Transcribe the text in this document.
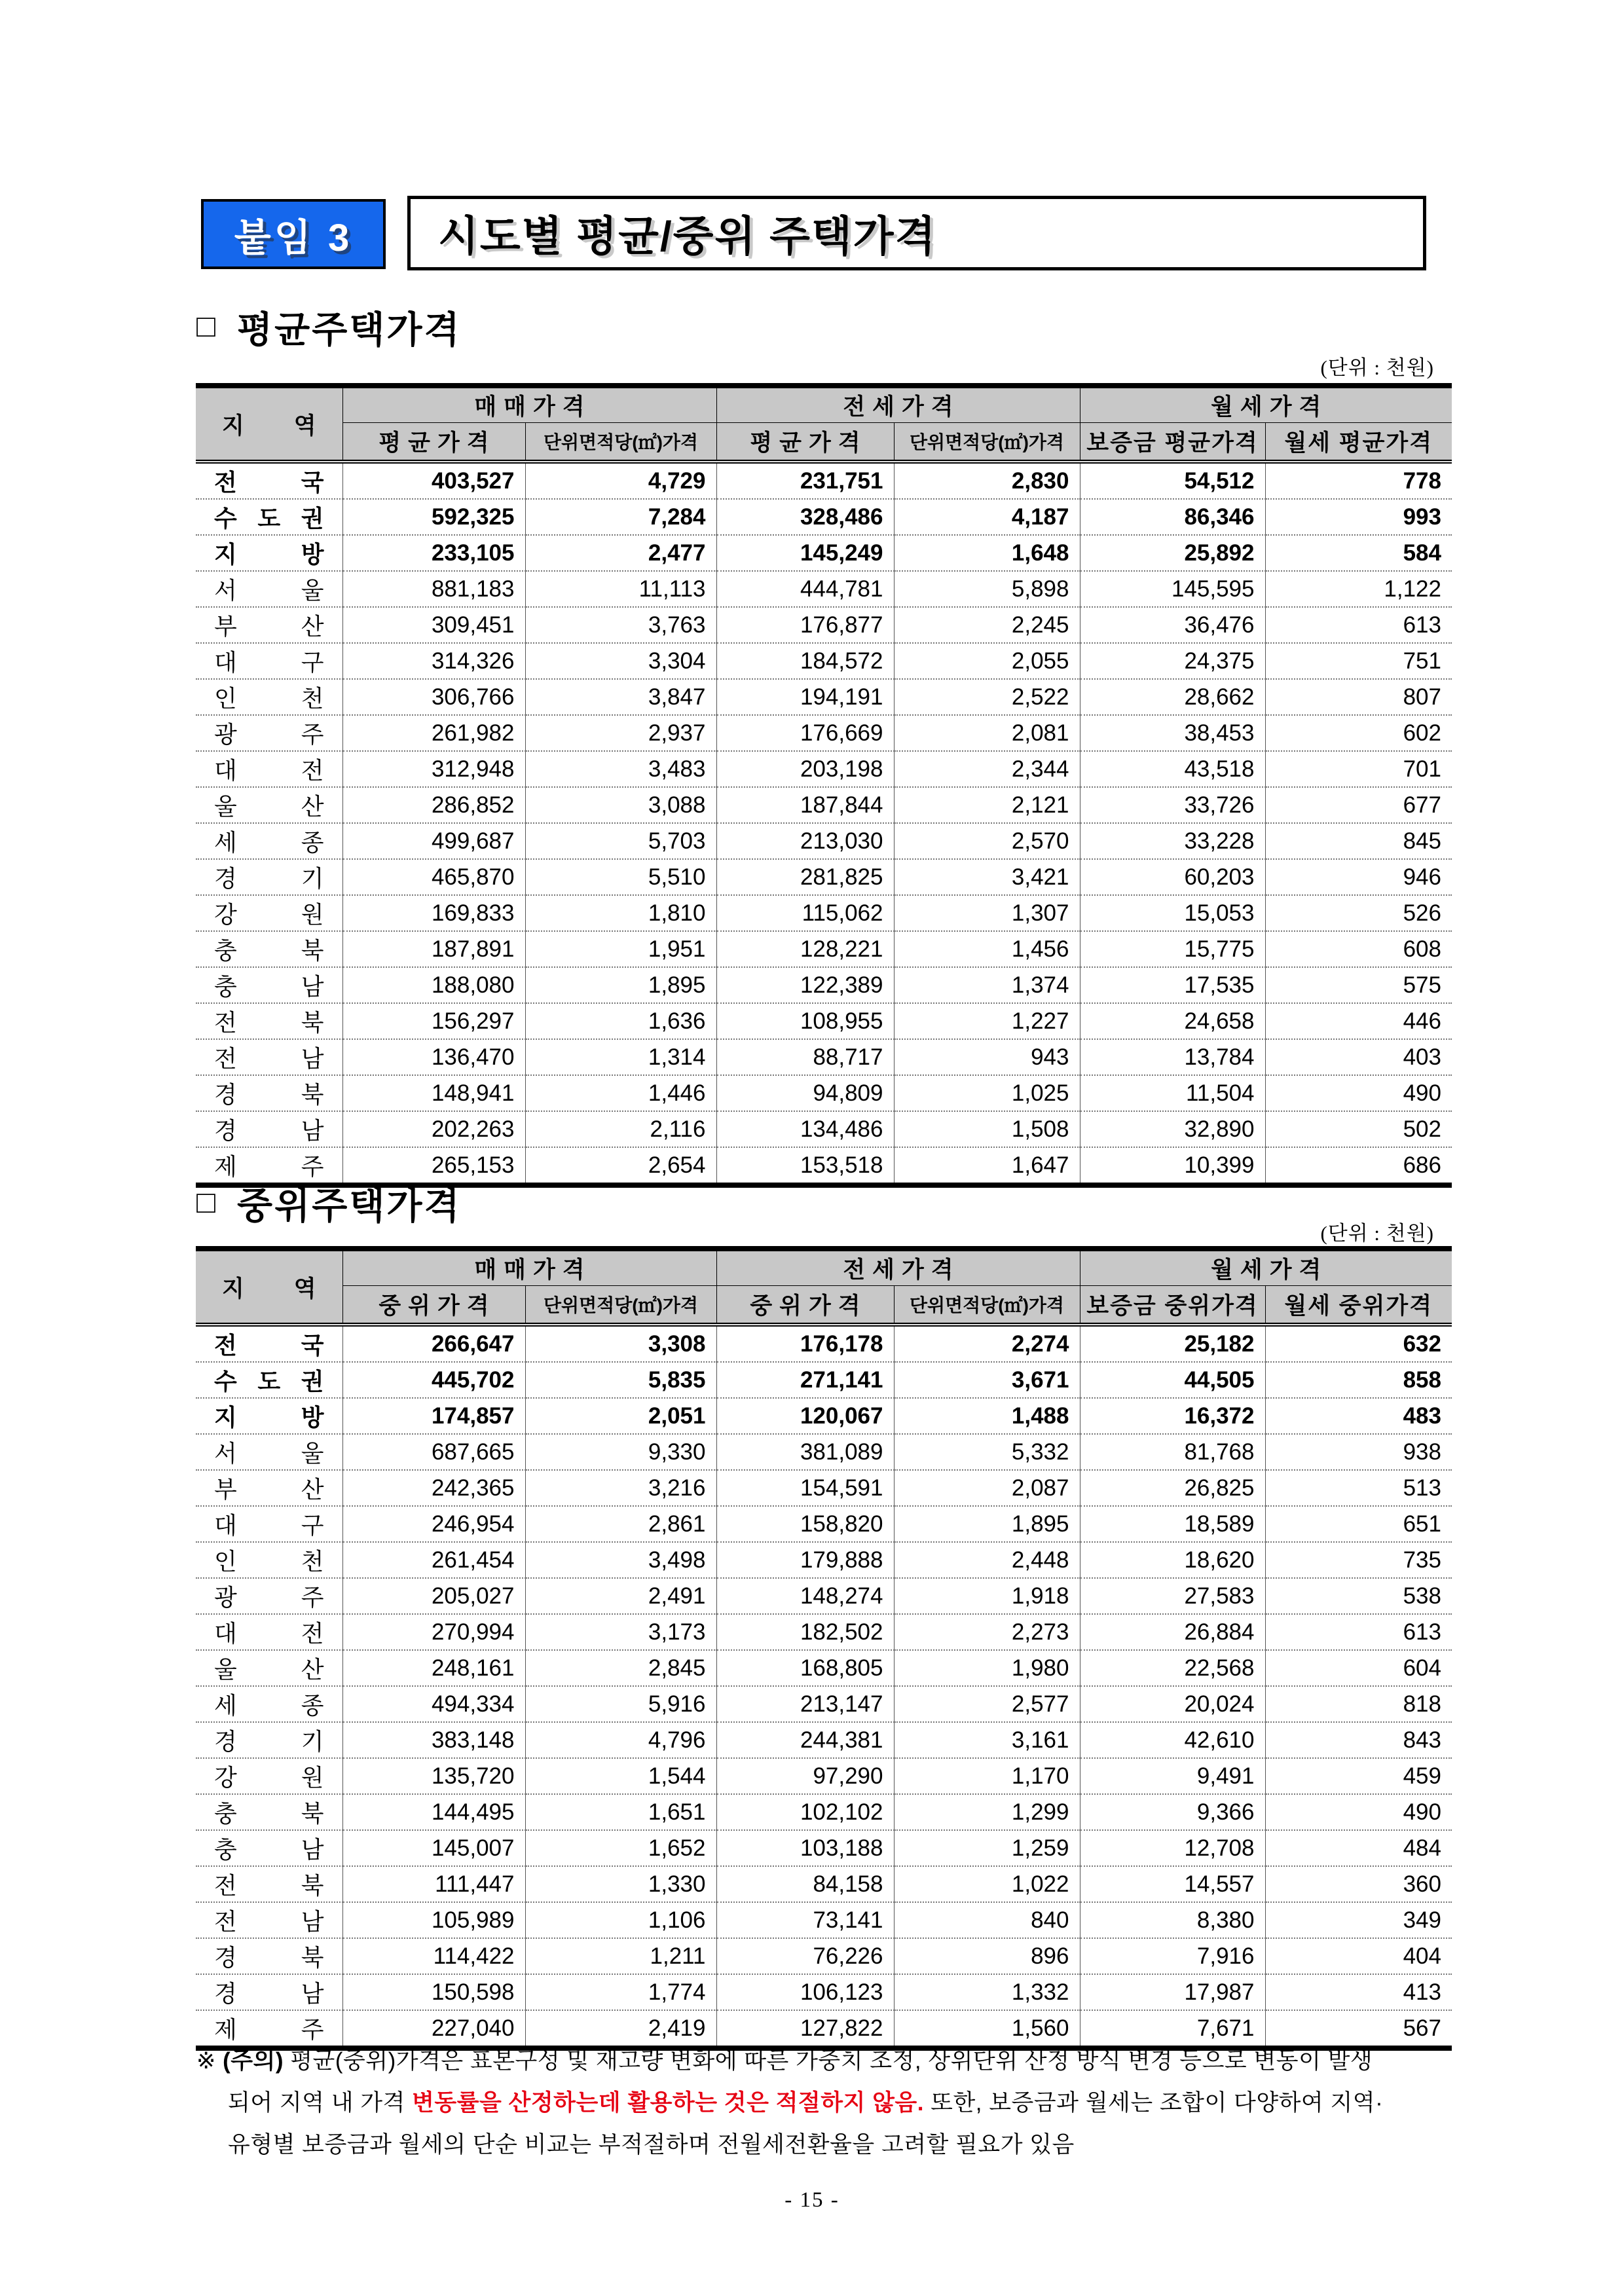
붙임 3	시도별 평균/중위 주택가격
□ 평균주택가격
(단위 : 천원)
지 역	매매가격		전세가격		월세가격	
	평균가격	단위면적당(㎡)가격	평균가격	단위면적당(㎡)가격	보증금 평균가격	월세 평균가격

전 국	403,527	4,729	231,751	2,830	54,512	778

수 도 권	592,325	7,284	328,486	4,187	86,346	993

지 방	233,105	2,477	145,249	1,648	25,892	584

서 울	881,183	11,113	444,781	5,898	145,595	1,122

부 산	309,451	3,763	176,877	2,245	36,476	613

대 구	314,326	3,304	184,572	2,055	24,375	751

인 천	306,766	3,847	194,191	2,522	28,662	807

광 주	261,982	2,937	176,669	2,081	38,453	602

대 전	312,948	3,483	203,198	2,344	43,518	701

울 산	286,852	3,088	187,844	2,121	33,726	677

세 종	499,687	5,703	213,030	2,570	33,228	845

경 기	465,870	5,510	281,825	3,421	60,203	946

강 원	169,833	1,810	115,062	1,307	15,053	526

충 북	187,891	1,951	128,221	1,456	15,775	608

충 남	188,080	1,895	122,389	1,374	17,535	575

전 북	156,297	1,636	108,955	1,227	24,658	446

전 남	136,470	1,314	88,717	943	13,784	403

경 북	148,941	1,446	94,809	1,025	11,504	490

경 남	202,263	2,116	134,486	1,508	32,890	502

제 주	265,153	2,654	153,518	1,647	10,399	686
□ 중위주택가격
(단위 : 천원)
지 역	매매가격		전세가격		월세가격	
	중위가격	단위면적당(㎡)가격	중위가격	단위면적당(㎡)가격	보증금 중위가격	월세 중위가격

전 국	266,647	3,308	176,178	2,274	25,182	632

수 도 권	445,702	5,835	271,141	3,671	44,505	858

지 방	174,857	2,051	120,067	1,488	16,372	483

서 울	687,665	9,330	381,089	5,332	81,768	938

부 산	242,365	3,216	154,591	2,087	26,825	513

대 구	246,954	2,861	158,820	1,895	18,589	651

인 천	261,454	3,498	179,888	2,448	18,620	735

광 주	205,027	2,491	148,274	1,918	27,583	538

대 전	270,994	3,173	182,502	2,273	26,884	613

울 산	248,161	2,845	168,805	1,980	22,568	604

세 종	494,334	5,916	213,147	2,577	20,024	818

경 기	383,148	4,796	244,381	3,161	42,610	843

강 원	135,720	1,544	97,290	1,170	9,491	459

충 북	144,495	1,651	102,102	1,299	9,366	490

충 남	145,007	1,652	103,188	1,259	12,708	484

전 북	111,447	1,330	84,158	1,022	14,557	360

전 남	105,989	1,106	73,141	840	8,380	349

경 북	114,422	1,211	76,226	896	7,916	404

경 남	150,598	1,774	106,123	1,332	17,987	413

제 주	227,040	2,419	127,822	1,560	7,671	567
※ (주의) 평균(중위)가격은 표본구성 및 재고량 변화에 따른 가중치 조정, 상위단위 산정 방식 변경 등으로 변동이 발생
되어 지역 내 가격 변동률을 산정하는데 활용하는 것은 적절하지 않음. 또한, 보증금과 월세는 조합이 다양하여 지역·
유형별 보증금과 월세의 단순 비교는 부적절하며 전월세전환율을 고려할 필요가 있음
- 15 -
